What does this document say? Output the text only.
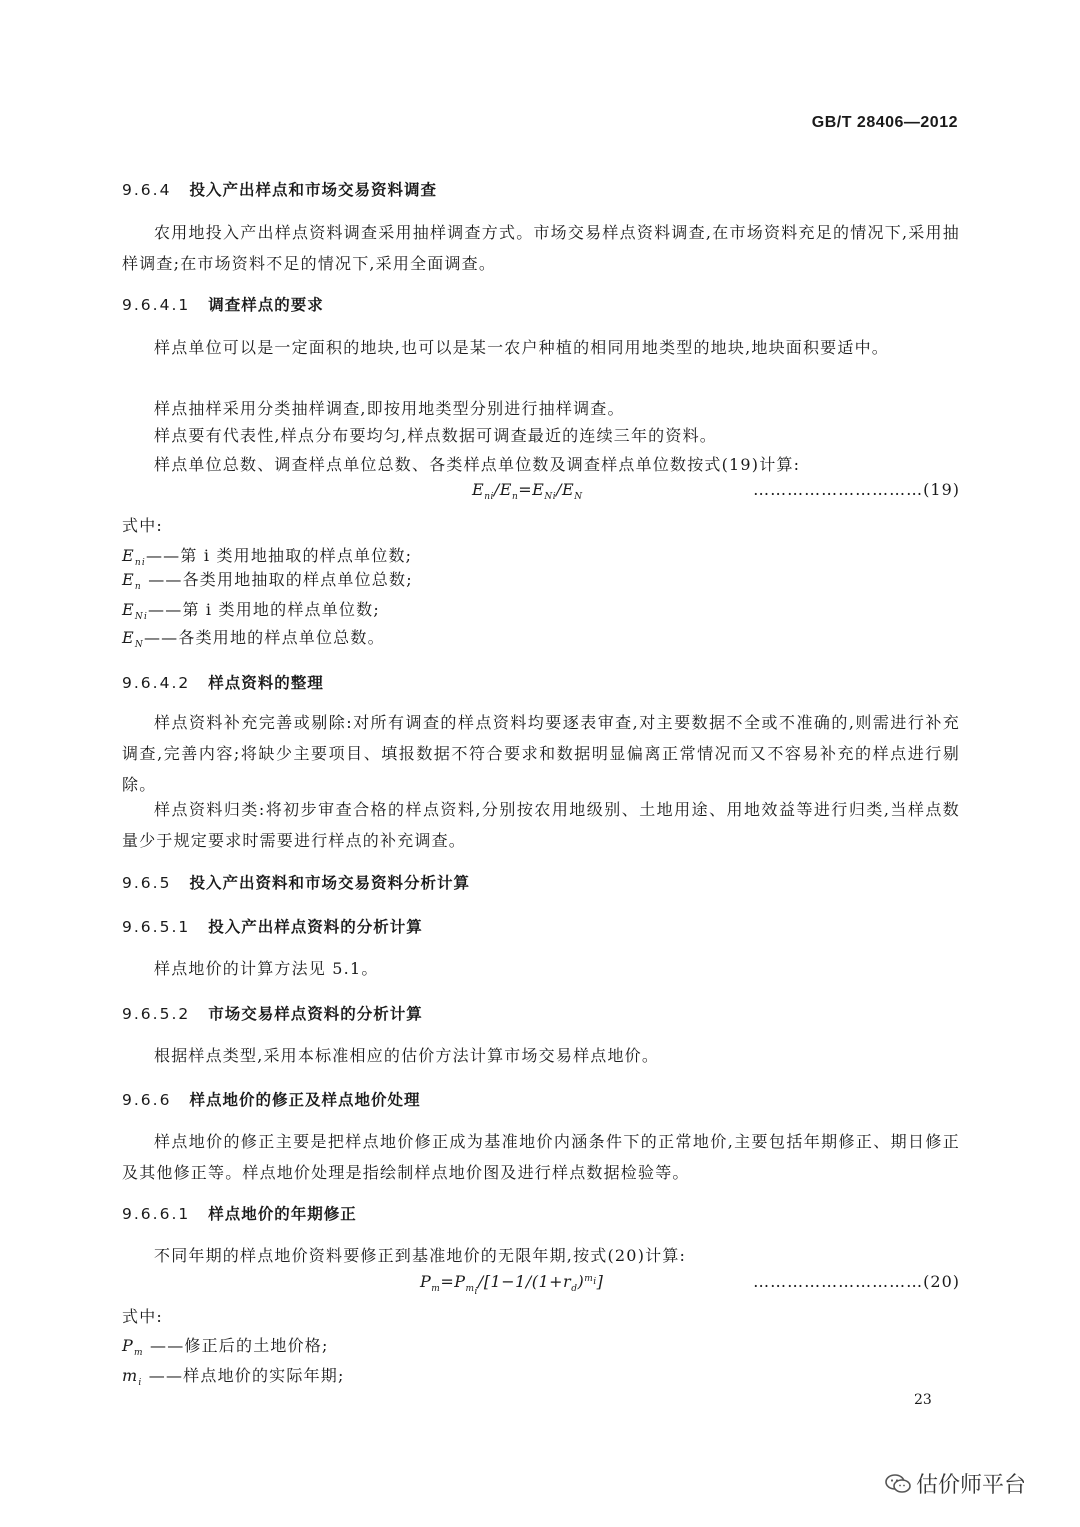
GB/T 28406—2012
9.6.4 投入产出样点和市场交易资料调查
农用地投入产出样点资料调查采用抽样调查方式。市场交易样点资料调查,在市场资料充足的情况下,采用抽样调查;在市场资料不足的情况下,采用全面调查。
9.6.4.1 调查样点的要求
样点单位可以是一定面积的地块,也可以是某一农户种植的相同用地类型的地块,地块面积要适中。
样点抽样采用分类抽样调查,即按用地类型分别进行抽样调查。
样点要有代表性,样点分布要均匀,样点数据可调查最近的连续三年的资料。
样点单位总数、调查样点单位总数、各类样点单位数及调查样点单位数按式(19)计算:
$E_{ni}/E_n=E_{Ni}/E_N$	…………………………(19)
式中:
$E_{ni}——$第 i 类用地抽取的样点单位数;
$E_n$ ——各类用地抽取的样点单位总数;
$E_{Ni}——$第 i 类用地的样点单位数;
$E_N——$各类用地的样点单位总数。
9.6.4.2 样点资料的整理
样点资料补充完善或剔除:对所有调查的样点资料均要逐表审查,对主要数据不全或不准确的,则需进行补充调查,完善内容;将缺少主要项目、填报数据不符合要求和数据明显偏离正常情况而又不容易补充的样点进行剔除。
样点资料归类:将初步审查合格的样点资料,分别按农用地级别、土地用途、用地效益等进行归类,当样点数量少于规定要求时需要进行样点的补充调查。
9.6.5 投入产出资料和市场交易资料分析计算
9.6.5.1 投入产出样点资料的分析计算
样点地价的计算方法见 5.1。
9.6.5.2 市场交易样点资料的分析计算
根据样点类型,采用本标准相应的估价方法计算市场交易样点地价。
9.6.6 样点地价的修正及样点地价处理
样点地价的修正主要是把样点地价修正成为基准地价内涵条件下的正常地价,主要包括年期修正、期日修正及其他修正等。样点地价处理是指绘制样点地价图及进行样点数据检验等。
9.6.6.1 样点地价的年期修正
不同年期的样点地价资料要修正到基准地价的无限年期,按式(20)计算:
$P_m=P_{m_i}/[1-1/(1+r_d)^{m_i}]$	…………………………(20)
式中:
$P_m$ ——修正后的土地价格;
$m_i$ ——样点地价的实际年期;
23
估价师平台
